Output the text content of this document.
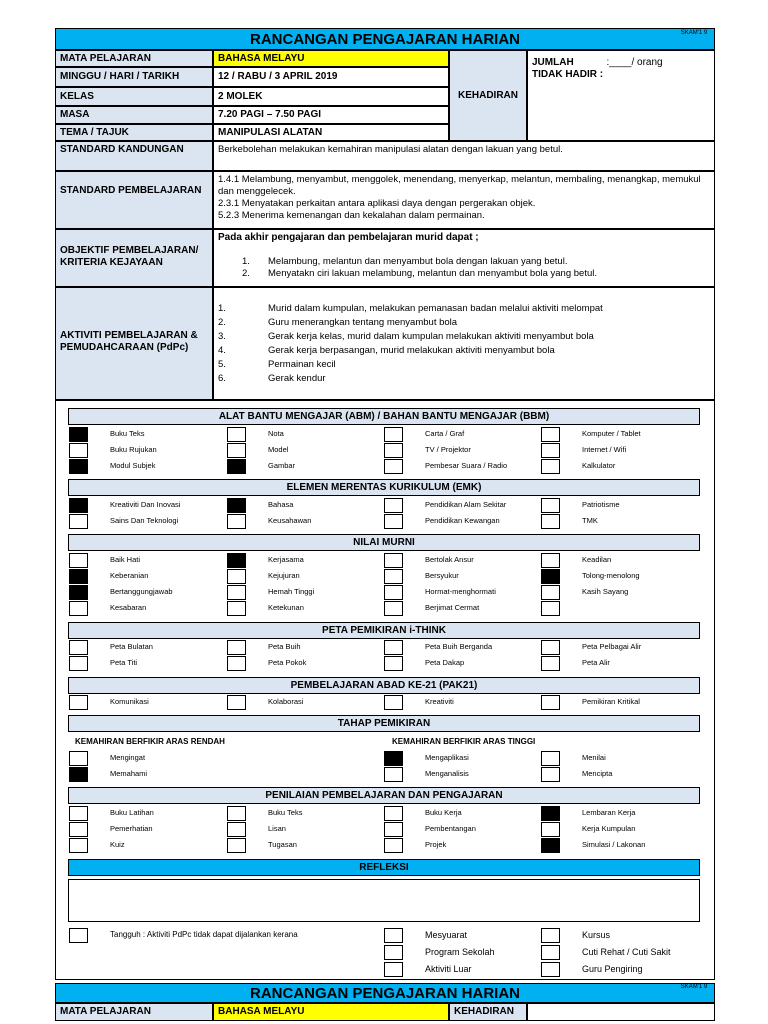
RANCANGAN PENGAJARAN HARIAN	SKAM'1 9
MATA PELAJARAN	BAHASA MELAYU
MINGGU / HARI / TARIKH	12 / RABU / 3 APRIL 2019
KELAS	2 MOLEK
MASA	7.20 PAGI – 7.50 PAGI
TEMA / TAJUK	MANIPULASI ALATAN
KEHADIRAN
JUMLAH	:____/ orang
TIDAK HADIR :
STANDARD KANDUNGAN	Berkebolehan melakukan kemahiran manipulasi alatan dengan lakuan yang betul.
STANDARD PEMBELAJARAN
1.4.1 Melambung, menyambut, menggolek, menendang, menyerkap, melantun, membaling, menangkap, memukul dan menggelecek.
2.3.1 Menyatakan perkaitan antara aplikasi daya dengan pergerakan objek.
5.2.3 Menerima kemenangan dan kekalahan dalam permainan.
OBJEKTIF PEMBELAJARAN/ KRITERIA KEJAYAAN
Pada akhir pengajaran dan pembelajaran murid dapat ;
1. Melambung, melantun dan menyambut bola dengan lakuan yang betul.
2. Menyatakn ciri lakuan melambung, melantun dan menyambut bola yang betul.
AKTIVITI PEMBELAJARAN & PEMUDAHCARAAN (PdPc)
1.	Murid dalam kumpulan, melakukan pemanasan badan melalui aktiviti melompat
2.	Guru menerangkan tentang menyambut bola
3.	Gerak kerja kelas, murid dalam kumpulan melakukan aktiviti menyambut bola
4.	Gerak kerja berpasangan, murid melakukan aktiviti menyambut bola
5.	Permainan kecil
6.	Gerak kendur
ALAT BANTU MENGAJAR (ABM) / BAHAN BANTU MENGAJAR (BBM)
Buku Teks	Nota	Carta / Graf	Komputer / Tablet
Buku Rujukan	Model	TV / Projektor	Internet / Wifi
Modul Subjek	Gambar	Pembesar Suara / Radio	Kalkulator
ELEMEN MERENTAS KURIKULUM (EMK)
Kreativiti Dan Inovasi	Bahasa	Pendidikan Alam Sekitar	Patriotisme
Sains Dan Teknologi	Keusahawan	Pendidikan Kewangan	TMK
NILAI MURNI
Baik Hati	Kerjasama	Bertolak Ansur	Keadilan
Keberanian	Kejujuran	Bersyukur	Tolong-menolong
Bertanggungjawab	Hemah Tinggi	Hormat-menghormati	Kasih Sayang
Kesabaran	Ketekunan	Berjimat Cermat
PETA PEMIKIRAN i-THINK
Peta Bulatan	Peta Buih	Peta Buih Berganda	Peta Pelbagai Alir
Peta Titi	Peta Pokok	Peta Dakap	Peta Alir
PEMBELAJARAN ABAD KE-21 (PAK21)
Komunikasi	Kolaborasi	Kreativiti	Pemikiran Kritikal
TAHAP PEMIKIRAN
KEMAHIRAN BERFIKIR ARAS RENDAH	KEMAHIRAN BERFIKIR ARAS TINGGI
Mengingat	Mengaplikasi	Menilai
Memahami	Menganalisis	Mencipta
PENILAIAN PEMBELAJARAN DAN PENGAJARAN
Buku Latihan	Buku Teks	Buku Kerja	Lembaran Kerja
Pemerhatian	Lisan	Pembentangan	Kerja Kumpulan
Kuiz	Tugasan	Projek	Simulasi / Lakonan
REFLEKSI
Tangguh : Aktiviti PdPc tidak dapat dijalankan kerana	Mesyuarat	Kursus
Program Sekolah	Cuti Rehat / Cuti Sakit
Aktiviti Luar	Guru Pengiring
RANCANGAN PENGAJARAN HARIAN	SKAM'1 9
MATA PELAJARAN	BAHASA MELAYU	KEHADIRAN
